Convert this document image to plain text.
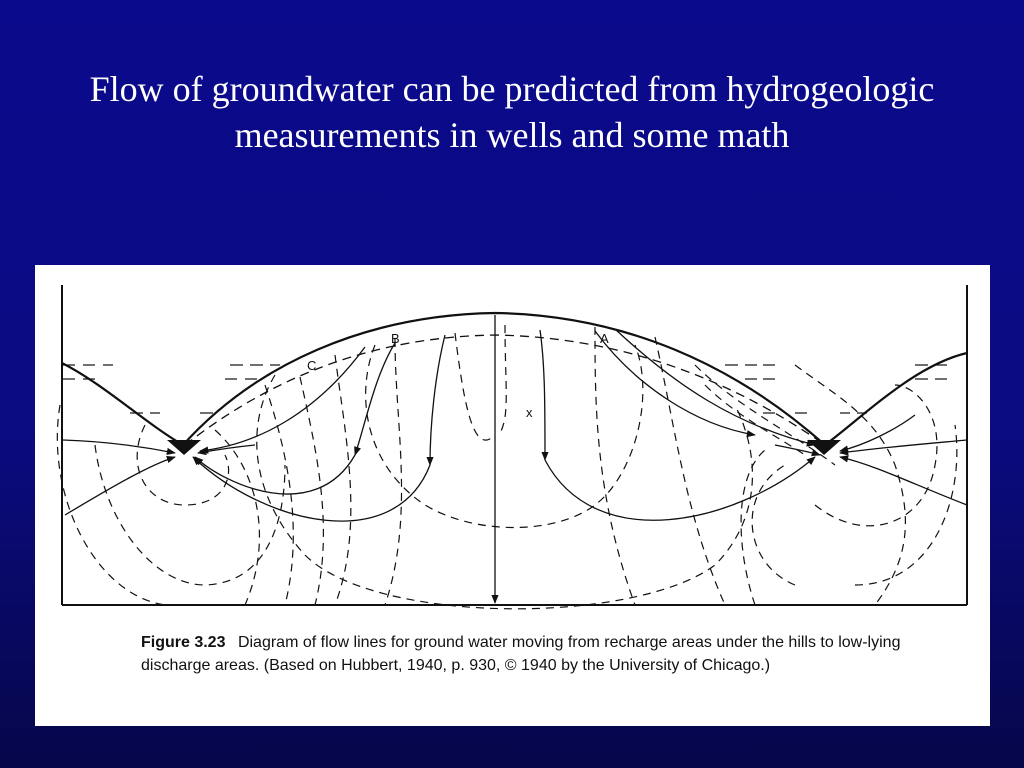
Flow of groundwater can be predicted from hydrogeologic measurements in wells and some math
B	A
C
x
Figure 3.23 Diagram of flow lines for ground water moving from recharge areas under the hills to low-lying discharge areas. (Based on Hubbert, 1940, p. 930, © 1940 by the University of Chicago.)
